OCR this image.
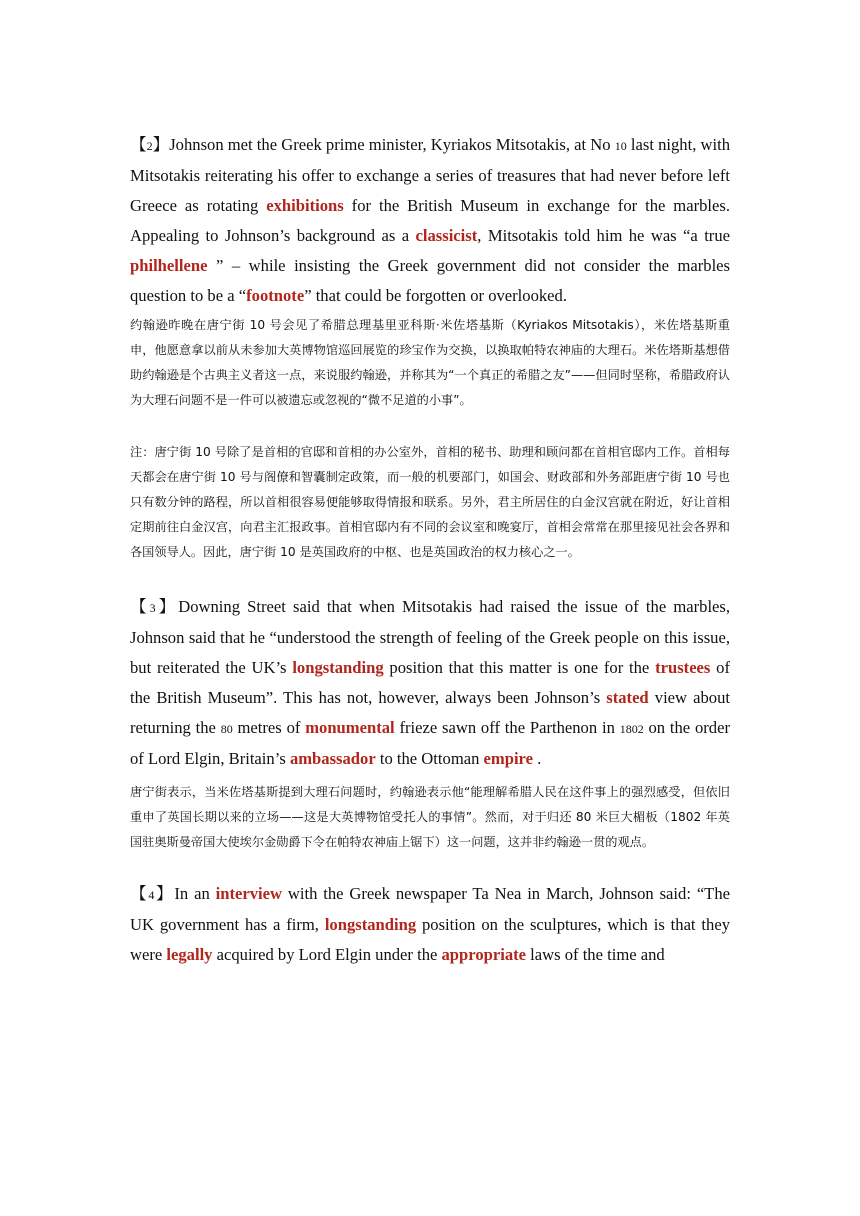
【2】Johnson met the Greek prime minister, Kyriakos Mitsotakis, at No 10 last night, with Mitsotakis reiterating his offer to exchange a series of treasures that had never before left Greece as rotating exhibitions for the British Museum in exchange for the marbles. Appealing to Johnson’s background as a classicist, Mitsotakis told him he was “a true philhellene ” – while insisting the Greek government did not consider the marbles question to be a “footnote” that could be forgotten or overlooked.

约翰逊昨晚在唐宁街 10 号会见了希腊总理基里亚科斯·米佐塔基斯（Kyriakos Mitsotakis），米佐塔基斯重申，他愿意拿以前从未参加大英博物馆巡回展览的珍宝作为交换，以换取帕特农神庙的大理石。米佐塔斯基想借助约翰逊是个古典主义者这一点，来说服约翰逊，并称其为“一个真正的希腊之友”——但同时坚称，希腊政府认为大理石问题不是一件可以被遗忘或忽视的“微不足道的小事”。

注：唐宁街 10 号除了是首相的官邸和首相的办公室外，首相的秘书、助理和顾问都在首相官邸内工作。首相每天都会在唐宁街 10 号与阁僚和智囊制定政策，而一般的机要部门，如国会、财政部和外务部距唐宁街 10 号也只有数分钟的路程，所以首相很容易便能够取得情报和联系。另外，君主所居住的白金汉宫就在附近，好让首相定期前往白金汉宫，向君主汇报政事。首相官邸内有不同的会议室和晚宴厅，首相会常常在那里接见社会各界和各国领导人。因此，唐宁街 10 是英国政府的中枢、也是英国政治的权力核心之一。

【3】Downing Street said that when Mitsotakis had raised the issue of the marbles, Johnson said that he “understood the strength of feeling of the Greek people on this issue, but reiterated the UK’s longstanding position that this matter is one for the trustees of the British Museum”. This has not, however, always been Johnson’s stated view about returning the 80 metres of monumental frieze sawn off the Parthenon in 1802 on the order of Lord Elgin, Britain’s ambassador to the Ottoman empire .

唐宁街表示，当米佐塔基斯提到大理石问题时，约翰逊表示他“能理解希腊人民在这件事上的强烈感受，但依旧重申了英国长期以来的立场——这是大英博物馆受托人的事情”。然而，对于归还 80 米巨大楣板（1802 年英国驻奥斯曼帝国大使埃尔金勋爵下令在帕特农神庙上锯下）这一问题，这并非约翰逊一贯的观点。

【4】In an interview with the Greek newspaper Ta Nea in March, Johnson said: “The UK government has a firm, longstanding position on the sculptures, which is that they were legally acquired by Lord Elgin under the appropriate laws of the time and
